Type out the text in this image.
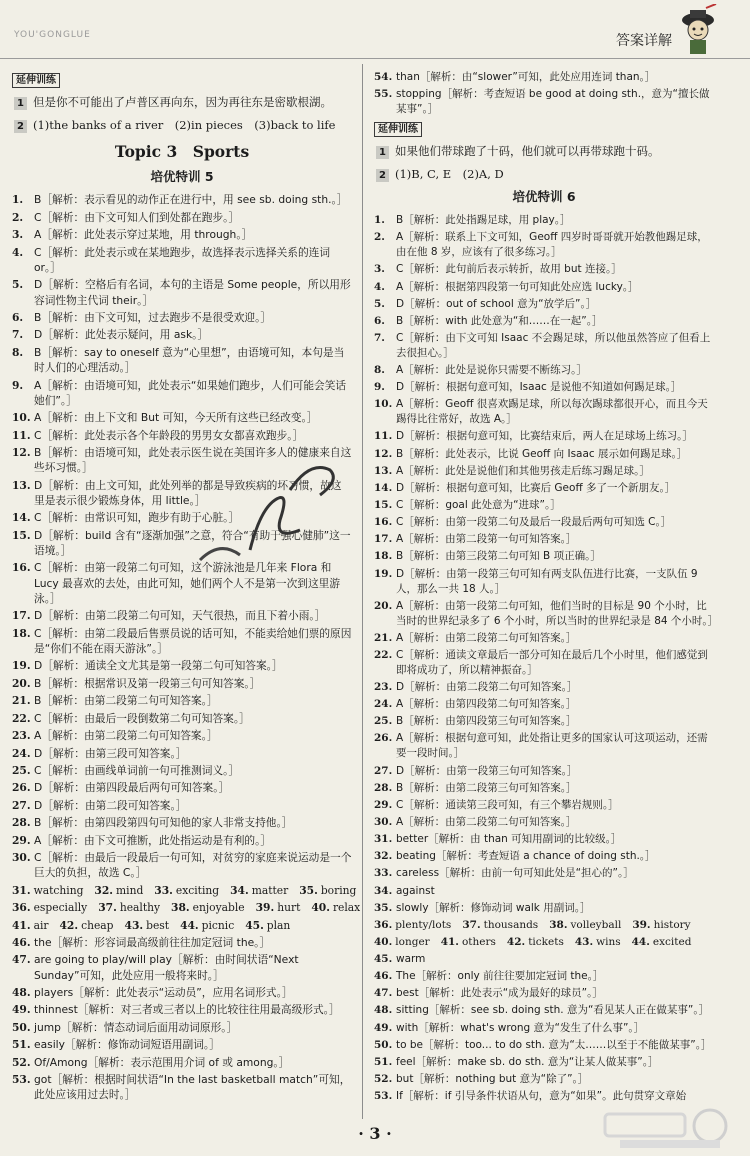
YOU'GONGLUE	答案详解
延伸训练
1 但是你不可能出了卢普区再向东，因为再往东是密歇根湖。
2 (1)the banks of a river　(2)in pieces　(3)back to life
Topic 3　Sports
培优特训 5
1. B［解析：表示看见的动作正在进行中，用 see sb. doing sth.。］
2. C［解析：由下文可知人们到处都在跑步。］
3. A［解析：此处表示穿过某地，用 through。］
4. C［解析：此处表示或在某地跑步，故选择表示选择关系的连词 or。］
5. D［解析：空格后有名词，本句的主语是 Some people，所以用形容词性物主代词 their。］
6. B［解析：由下文可知，过去跑步不是很受欢迎。］
7. D［解析：此处表示疑问，用 ask。］
8. B［解析：say to oneself 意为“心里想”，由语境可知，本句是当时人们的心理活动。］
9. A［解析：由语境可知，此处表示“如果她们跑步，人们可能会笑话她们”。］
10. A［解析：由上下文和 But 可知，今天所有这些已经改变。］
11. C［解析：此处表示各个年龄段的男男女女都喜欢跑步。］
12. B［解析：由语境可知，此处表示医生说在美国许多人的健康来自这些坏习惯。］
13. D［解析：由上文可知，此处列举的都是导致疾病的坏习惯，故这里是表示很少锻炼身体，用 little。］
14. C［解析：由常识可知，跑步有助于心脏。］
15. D［解析：build 含有“逐渐加强”之意，符合“有助于强心健肺”这一语境。］
16. C［解析：由第一段第二句可知，这个游泳池是几年来 Flora 和 Lucy 最喜欢的去处，由此可知，她们两个人不是第一次到这里游泳。］
17. D［解析：由第二段第二句可知，天气很热，而且下着小雨。］
18. C［解析：由第二段最后售票员说的话可知，不能卖给她们票的原因是“你们不能在雨天游泳”。］
19. D［解析：通读全文尤其是第一段第二句可知答案。］
20. B［解析：根据常识及第一段第三句可知答案。］
21. B［解析：由第二段第二句可知答案。］
22. C［解析：由最后一段倒数第二句可知答案。］
23. A［解析：由第二段第二句可知答案。］
24. D［解析：由第三段可知答案。］
25. C［解析：由画线单词前一句可推测词义。］
26. D［解析：由第四段最后两句可知答案。］
27. D［解析：由第二段可知答案。］
28. B［解析：由第四段第四句可知他的家人非常支持他。］
29. A［解析：由下文可推断，此处指运动是有利的。］
30. C［解析：由最后一段最后一句可知，对贫穷的家庭来说运动是一个巨大的负担，故选 C。］
31. watching 32. mind 33. exciting 34. matter 35. boring
36. especially 37. healthy 38. enjoyable 39. hurt 40. relax
41. air 42. cheap 43. best 44. picnic 45. plan
46. the［解析：形容词最高级前往往加定冠词 the。］
47. are going to play/will play［解析：由时间状语“Next Sunday”可知，此处应用一般将来时。］
48. players［解析：此处表示“运动员”，应用名词形式。］
49. thinnest［解析：对三者或三者以上的比较往往用最高级形式。］
50. jump［解析：情态动词后面用动词原形。］
51. easily［解析：修饰动词短语用副词。］
52. Of/Among［解析：表示范围用介词 of 或 among。］
53. got［解析：根据时间状语“In the last basketball match”可知，此处应该用过去时。］
54. than［解析：由“slower”可知，此处应用连词 than。］
55. stopping［解析：考查短语 be good at doing sth.，意为“擅长做某事”。］
延伸训练
1 如果他们带球跑了十码，他们就可以再带球跑十码。
2 (1)B, C, E　(2)A, D
培优特训 6
1. B［解析：此处指踢足球，用 play。］
2. A［解析：联系上下文可知，Geoff 四岁时哥哥就开始教他踢足球，由在他 8 岁，应该有了很多练习。］
3. C［解析：此句前后表示转折，故用 but 连接。］
4. A［解析：根据第四段第一句可知此处应选 lucky。］
5. D［解析：out of school 意为“放学后”。］
6. B［解析：with 此处意为“和……在一起”。］
7. C［解析：由下文可知 Isaac 不会踢足球，所以他虽然答应了但看上去很担心。］
8. A［解析：此处是说你只需要不断练习。］
9. D［解析：根据句意可知，Isaac 是说他不知道如何踢足球。］
10. A［解析：Geoff 很喜欢踢足球，所以每次踢球都很开心，而且今天踢得比往常好，故选 A。］
11. D［解析：根据句意可知，比赛结束后，两人在足球场上练习。］
12. B［解析：此处表示，比说 Geoff 向 Isaac 展示如何踢足球。］
13. A［解析：此处是说他们和其他男孩走后练习踢足球。］
14. D［解析：根据句意可知，比赛后 Geoff 多了一个新朋友。］
15. C［解析：goal 此处意为“进球”。］
16. C［解析：由第一段第二句及最后一段最后两句可知选 C。］
17. A［解析：由第二段第一句可知答案。］
18. B［解析：由第三段第二句可知 B 项正确。］
19. D［解析：由第一段第三句可知有两支队伍进行比赛，一支队伍 9 人，那么一共 18 人。］
20. A［解析：由第一段第二句可知，他们当时的目标是 90 个小时，比当时的世界纪录多了 6 个小时，所以当时的世界纪录是 84 个小时。］
21. A［解析：由第二段第二句可知答案。］
22. C［解析：通读文章最后一部分可知在最后几个小时里，他们感觉到即将成功了，所以精神振奋。］
23. D［解析：由第二段第二句可知答案。］
24. A［解析：由第四段第二句可知答案。］
25. B［解析：由第四段第三句可知答案。］
26. A［解析：根据句意可知，此处指让更多的国家认可这项运动，还需要一段时间。］
27. D［解析：由第一段第三句可知答案。］
28. B［解析：由第二段第三句可知答案。］
29. C［解析：通读第三段可知，有三个攀岩规则。］
30. A［解析：由第二段第二句可知答案。］
31. better［解析：由 than 可知用副词的比较级。］
32. beating［解析：考查短语 a chance of doing sth.。］
33. careless［解析：由前一句可知此处是“担心的”。］
34. against
35. slowly［解析：修饰动词 walk 用副词。］
36. plenty/lots 37. thousands 38. volleyball 39. history
40. longer 41. others 42. tickets 43. wins 44. excited
45. warm
46. The［解析：only 前往往要加定冠词 the。］
47. best［解析：此处表示“成为最好的球员”。］
48. sitting［解析：see sb. doing sth. 意为“看见某人正在做某事”。］
49. with［解析：what's wrong 意为“发生了什么事”。］
50. to be［解析：too... to do sth. 意为“太……以至于不能做某事”。］
51. feel［解析：make sb. do sth. 意为“让某人做某事”。］
52. but［解析：nothing but 意为“除了”。］
53. If［解析：if 引导条件状语从句，意为“如果”。此句贯穿文章始
· 3 ·
